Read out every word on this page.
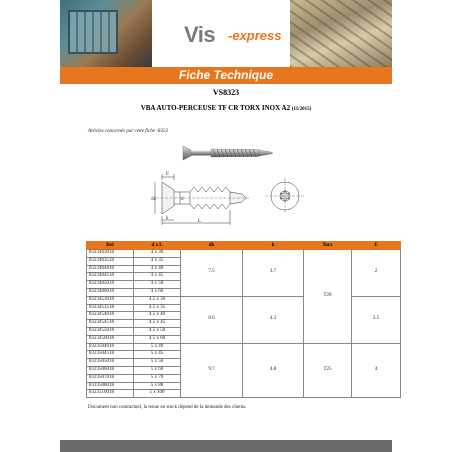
Vis -express
Fiche Technique
VS8323
VBA AUTO-PERCEUSE TF CR TORX INOX A2 (11/2015)
Articles concernés par cette fiche :8323
E
dk	d
k
L
Ref	d x L	dk	k	Torx	E
8323403018	4 x 30	7.5	3.7	T20	2
8323403518	4 x 35				
8323404018	4 x 40				
8323404518	4 x 45				
8323405018	4 x 50				
8323406018	4 x 60				
8323453018	4.5 x 30	8.6	4.3		3.5
8323453518	4.5 x 35				
8323454018	4.5 x 40				
8323454518	4.5 x 45				
8323455018	4.5 x 50				
8323456018	4.5 x 60				
8323504018	5 x 40	9.7	4.8	T25	4
8323504518	5 x 45				
8323505018	5 x 50				
8323506018	5 x 60				
8323507018	5 x 70				
8323508018	5 x 80				
8323510018	5 x 100				
Document non contractuel, la tenue en stock dépend de la demande des clients.
